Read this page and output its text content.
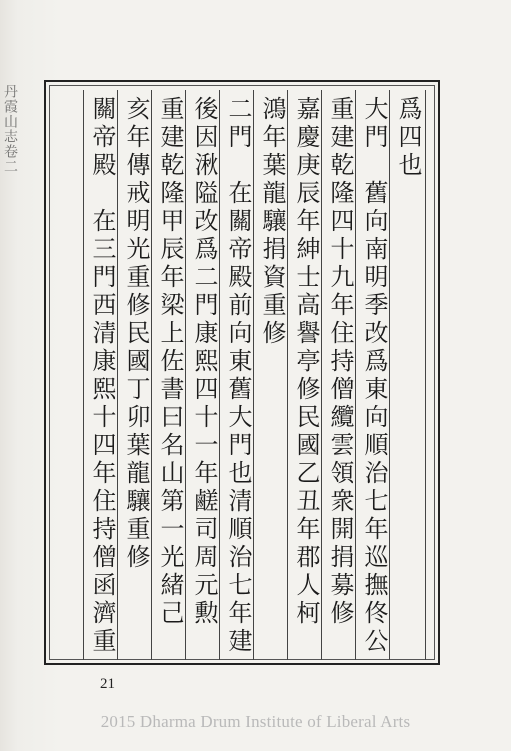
丹霞山志卷二	爲四也
大門　舊向南明季改爲東向順治七年巡撫佟公
重建乾隆四十九年住持僧纜雲領衆開捐募修
嘉慶庚辰年紳士高譽亭修民國乙丑年郡人柯
鴻年葉龍驤捐資重修
二門　在關帝殿前向東舊大門也清順治七年建
後因湫隘改爲二門康熙四十一年鹺司周元勲
重建乾隆甲辰年梁上佐書曰名山第一光緒己
亥年傳戒明光重修民國丁卯葉龍驤重修
關帝殿　在三門西清康熙十四年住持僧函濟重
21
2015 Dharma Drum Institute of Liberal Arts
